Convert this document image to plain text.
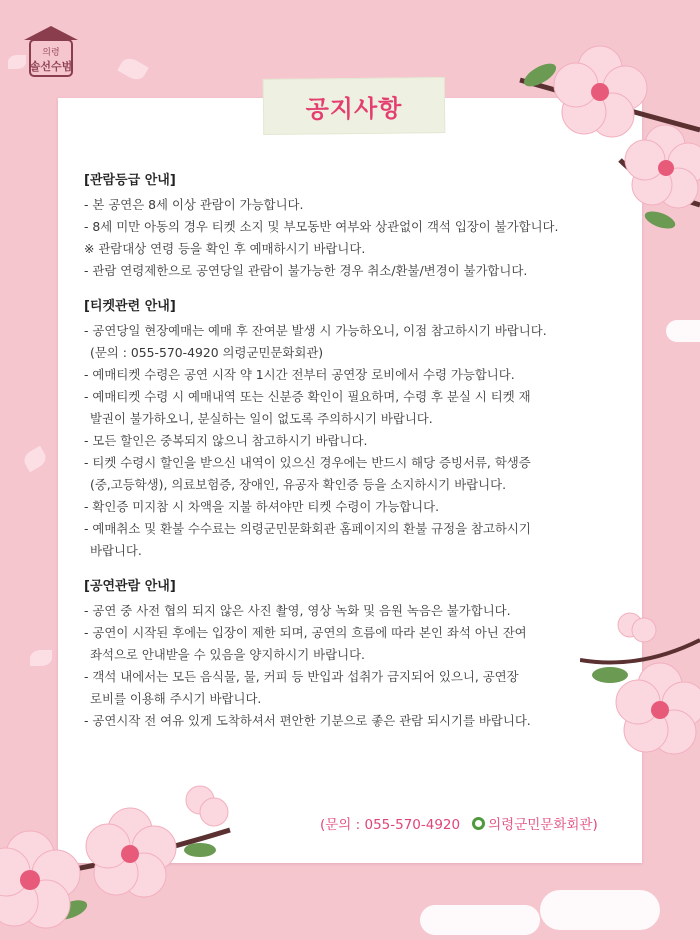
의령
솔선수범
공지사항
[관람등급 안내]
- 본 공연은 8세 이상 관람이 가능합니다.
- 8세 미만 아동의 경우 티켓 소지 및 부모동반 여부와 상관없이 객석 입장이 불가합니다.
※ 관람대상 연령 등을 확인 후 예매하시기 바랍니다.
- 관람 연령제한으로 공연당일 관람이 불가능한 경우 취소/환불/변경이 불가합니다.
[티켓관련 안내]
- 공연당일 현장예매는 예매 후 잔여분 발생 시 가능하오니, 이점 참고하시기 바랍니다.
(문의 : 055-570-4920 의령군민문화회관)
- 예매티켓 수령은 공연 시작 약 1시간 전부터 공연장 로비에서 수령 가능합니다.
- 예매티켓 수령 시 예매내역 또는 신분증 확인이 필요하며, 수령 후 분실 시 티켓 재
발권이 불가하오니, 분실하는 일이 없도록 주의하시기 바랍니다.
- 모든 할인은 중복되지 않으니 참고하시기 바랍니다.
- 티켓 수령시 할인을 받으신 내역이 있으신 경우에는 반드시 해당 증빙서류, 학생증
(중,고등학생), 의료보험증, 장애인, 유공자 확인증 등을 소지하시기 바랍니다.
- 확인증 미지참 시 차액을 지불 하셔야만 티켓 수령이 가능합니다.
- 예매취소 및 환불 수수료는 의령군민문화회관 홈페이지의 환불 규정을 참고하시기
바랍니다.
[공연관람 안내]
- 공연 중 사전 협의 되지 않은 사진 촬영, 영상 녹화 및 음원 녹음은 불가합니다.
- 공연이 시작된 후에는 입장이 제한 되며, 공연의 흐름에 따라 본인 좌석 아닌 잔여
좌석으로 안내받을 수 있음을 양지하시기 바랍니다.
- 객석 내에서는 모든 음식물, 물, 커피 등 반입과 섭취가 금지되어 있으니, 공연장
로비를 이용해 주시기 바랍니다.
- 공연시작 전 여유 있게 도착하셔서 편안한 기분으로 좋은 관람 되시기를 바랍니다.
(문의 : 055-570-4920 의령군민문화회관)
